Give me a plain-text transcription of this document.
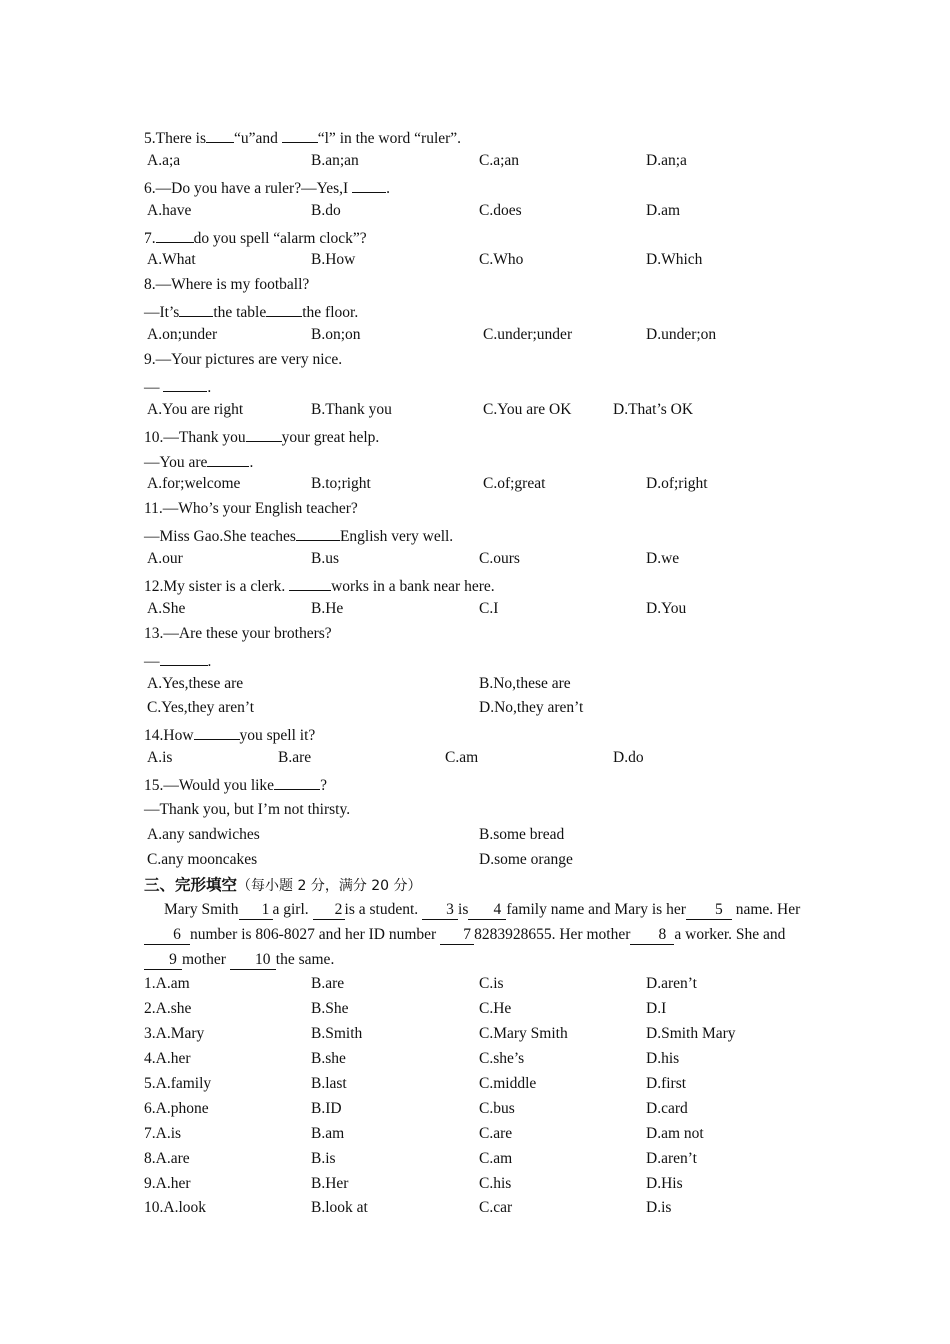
5.There is “u”and	“l” in the word “ruler”.
A.a;a	B.an;an	C.a;an	D.an;a
6.—Do you have a ruler?—Yes,I .
A.have	B.do	C.does	D.am
7. do you spell “alarm clock”?
A.What	B.How	C.Who	D.Which
8.—Where is my football?
—It’s the table the floor.
A.on;under	B.on;on	C.under;under	D.under;on
9.—Your pictures are very nice.
—	.
A.You are right	B.Thank you	C.You are OK	D.That’s OK
10.—Thank you your great help.
—You are	.
A.for;welcome	B.to;right	C.of;great	D.of;right
11.—Who’s your English teacher?
—Miss Gao.She teaches	English very well.
A.our	B.us	C.ours	D.we
12.My sister is a clerk.	works in a bank near here.
A.She	B.He	C.I	D.You
13.—Are these your brothers?
—	.
A.Yes,these are	B.No,these are
C.Yes,they aren’t	D.No,they aren’t
14.How	you spell it?
A.is	B.are	C.am	D.do
15.—Would you like	?
—Thank you, but I’m not thirsty.
A.any sandwiches	B.some bread
C.any mooncakes	D.some orange
三、完形填空（每小题 2 分，满分 20 分）
Mary Smith 1 a girl. 2 is a student. 3 is 4 family name and Mary is her 5 name. Her6 number is 806-8027 and her ID number 7 8283928655. Her mother 8 a worker. She and9 mother 10 the same.
1.A.am	B.are	C.is	D.aren’t
2.A.she	B.She	C.He	D.I
3.A.Mary	B.Smith	C.Mary Smith	D.Smith Mary
4.A.her	B.she	C.she’s	D.his
5.A.family	B.last	C.middle	D.first
6.A.phone	B.ID	C.bus	D.card
7.A.is	B.am	C.are	D.am not
8.A.are	B.is	C.am	D.aren’t
9.A.her	B.Her	C.his	D.His
10.A.look	B.look at	C.car	D.is
